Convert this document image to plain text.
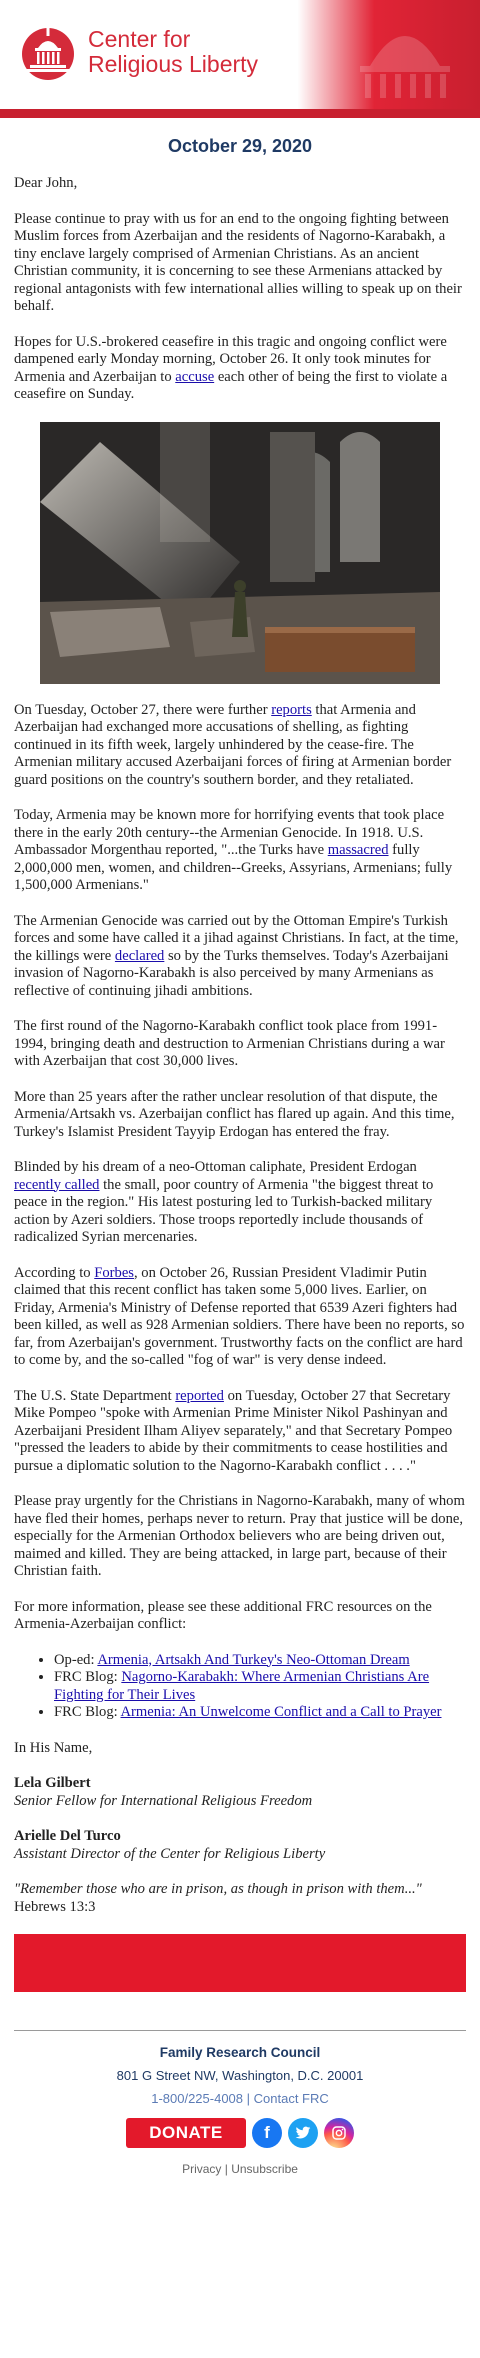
Center for
Religious Liberty
October 29, 2020

Dear John,

Please continue to pray with us for an end to the ongoing fighting between Muslim forces from Azerbaijan and the residents of Nagorno-Karabakh, a tiny enclave largely comprised of Armenian Christians. As an ancient Christian community, it is concerning to see these Armenians attacked by regional antagonists with few international allies willing to speak up on their behalf.

Hopes for U.S.-brokered ceasefire in this tragic and ongoing conflict were dampened early Monday morning, October 26. It only took minutes for Armenia and Azerbaijan to accuse each other of being the first to violate a ceasefire on Sunday.

On Tuesday, October 27, there were further reports that Armenia and Azerbaijan had exchanged more accusations of shelling, as fighting continued in its fifth week, largely unhindered by the cease-fire. The Armenian military accused Azerbaijani forces of firing at Armenian border guard positions on the country's southern border, and they retaliated.

Today, Armenia may be known more for horrifying events that took place there in the early 20th century--the Armenian Genocide. In 1918. U.S. Ambassador Morgenthau reported, "...the Turks have massacred fully 2,000,000 men, women, and children--Greeks, Assyrians, Armenians; fully 1,500,000 Armenians."

The Armenian Genocide was carried out by the Ottoman Empire's Turkish forces and some have called it a jihad against Christians. In fact, at the time, the killings were declared so by the Turks themselves. Today's Azerbaijani invasion of Nagorno-Karabakh is also perceived by many Armenians as reflective of continuing jihadi ambitions.

The first round of the Nagorno-Karabakh conflict took place from 1991-1994, bringing death and destruction to Armenian Christians during a war with Azerbaijan that cost 30,000 lives.

More than 25 years after the rather unclear resolution of that dispute, the Armenia/Artsakh vs. Azerbaijan conflict has flared up again. And this time, Turkey's Islamist President Tayyip Erdogan has entered the fray.

Blinded by his dream of a neo-Ottoman caliphate, President Erdogan recently called the small, poor country of Armenia "the biggest threat to peace in the region." His latest posturing led to Turkish-backed military action by Azeri soldiers. Those troops reportedly include thousands of radicalized Syrian mercenaries.

According to Forbes, on October 26, Russian President Vladimir Putin claimed that this recent conflict has taken some 5,000 lives. Earlier, on Friday, Armenia's Ministry of Defense reported that 6539 Azeri fighters had been killed, as well as 928 Armenian soldiers. There have been no reports, so far, from Azerbaijan's government. Trustworthy facts on the conflict are hard to come by, and the so-called "fog of war" is very dense indeed.

The U.S. State Department reported on Tuesday, October 27 that Secretary Mike Pompeo "spoke with Armenian Prime Minister Nikol Pashinyan and Azerbaijani President Ilham Aliyev separately," and that Secretary Pompeo "pressed the leaders to abide by their commitments to cease hostilities and pursue a diplomatic solution to the Nagorno-Karabakh conflict . . . ."

Please pray urgently for the Christians in Nagorno-Karabakh, many of whom have fled their homes, perhaps never to return. Pray that justice will be done, especially for the Armenian Orthodox believers who are being driven out, maimed and killed. They are being attacked, in large part, because of their Christian faith.

For more information, please see these additional FRC resources on the Armenia-Azerbaijan conflict:

• Op-ed: Armenia, Artsakh And Turkey's Neo-Ottoman Dream
• FRC Blog: Nagorno-Karabakh: Where Armenian Christians Are Fighting for Their Lives
• FRC Blog: Armenia: An Unwelcome Conflict and a Call to Prayer

In His Name,

Lela Gilbert
Senior Fellow for International Religious Freedom

Arielle Del Turco
Assistant Director of the Center for Religious Liberty

"Remember those who are in prison, as though in prison with them..."
Hebrews 13:3

Family Research Council
801 G Street NW, Washington, D.C. 20001
1-800/225-4008 | Contact FRC
DONATE	f
Privacy | Unsubscribe
